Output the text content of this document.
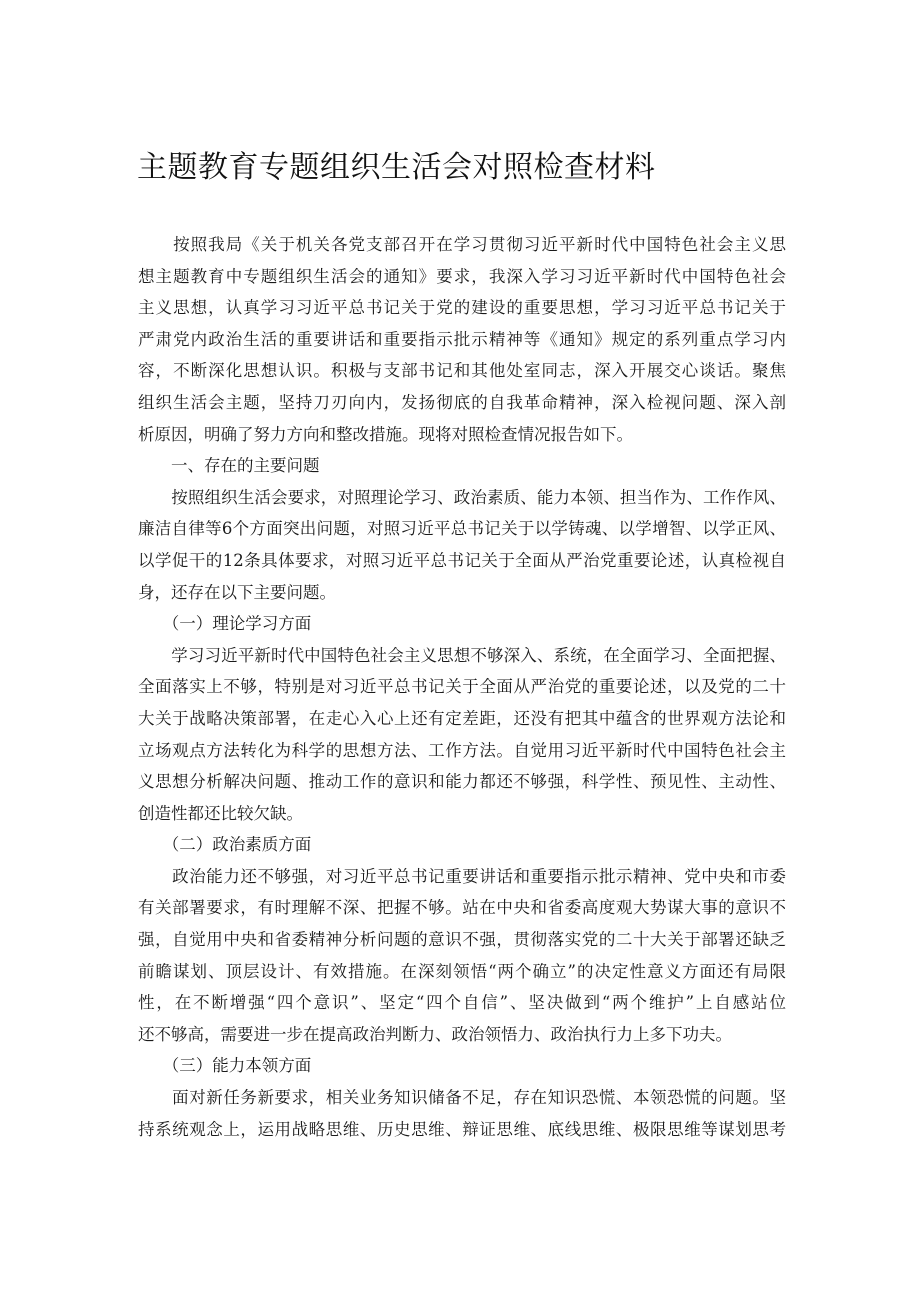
主题教育专题组织生活会对照检查材料
　　按照我局《关于机关各党支部召开在学习贯彻习近平新时代中国特色社会主义思
想主题教育中专题组织生活会的通知》要求，我深入学习习近平新时代中国特色社会
主义思想，认真学习习近平总书记关于党的建设的重要思想，学习习近平总书记关于
严肃党内政治生活的重要讲话和重要指示批示精神等《通知》规定的系列重点学习内
容，不断深化思想认识。积极与支部书记和其他处室同志，深入开展交心谈话。聚焦
组织生活会主题，坚持刀刃向内，发扬彻底的自我革命精神，深入检视问题、深入剖
析原因，明确了努力方向和整改措施。现将对照检查情况报告如下。
　　一、存在的主要问题
　　按照组织生活会要求，对照理论学习、政治素质、能力本领、担当作为、工作作风、
廉洁自律等6个方面突出问题，对照习近平总书记关于以学铸魂、以学增智、以学正风、
以学促干的12条具体要求，对照习近平总书记关于全面从严治党重要论述，认真检视自
身，还存在以下主要问题。
　　（一）理论学习方面
　　学习习近平新时代中国特色社会主义思想不够深入、系统，在全面学习、全面把握、
全面落实上不够，特别是对习近平总书记关于全面从严治党的重要论述，以及党的二十
大关于战略决策部署，在走心入心上还有定差距，还没有把其中蕴含的世界观方法论和
立场观点方法转化为科学的思想方法、工作方法。自觉用习近平新时代中国特色社会主
义思想分析解决问题、推动工作的意识和能力都还不够强，科学性、预见性、主动性、
创造性都还比较欠缺。
　　（二）政治素质方面
　　政治能力还不够强，对习近平总书记重要讲话和重要指示批示精神、党中央和市委
有关部署要求，有时理解不深、把握不够。站在中央和省委高度观大势谋大事的意识不
强，自觉用中央和省委精神分析问题的意识不强，贯彻落实党的二十大关于部署还缺乏
前瞻谋划、顶层设计、有效措施。在深刻领悟“两个确立”的决定性意义方面还有局限
性，在不断增强“四个意识”、坚定“四个自信”、坚决做到“两个维护”上自感站位
还不够高，需要进一步在提高政治判断力、政治领悟力、政治执行力上多下功夫。
　　（三）能力本领方面
　　面对新任务新要求，相关业务知识储备不足，存在知识恐慌、本领恐慌的问题。坚
持系统观念上，运用战略思维、历史思维、辩证思维、底线思维、极限思维等谋划思考
